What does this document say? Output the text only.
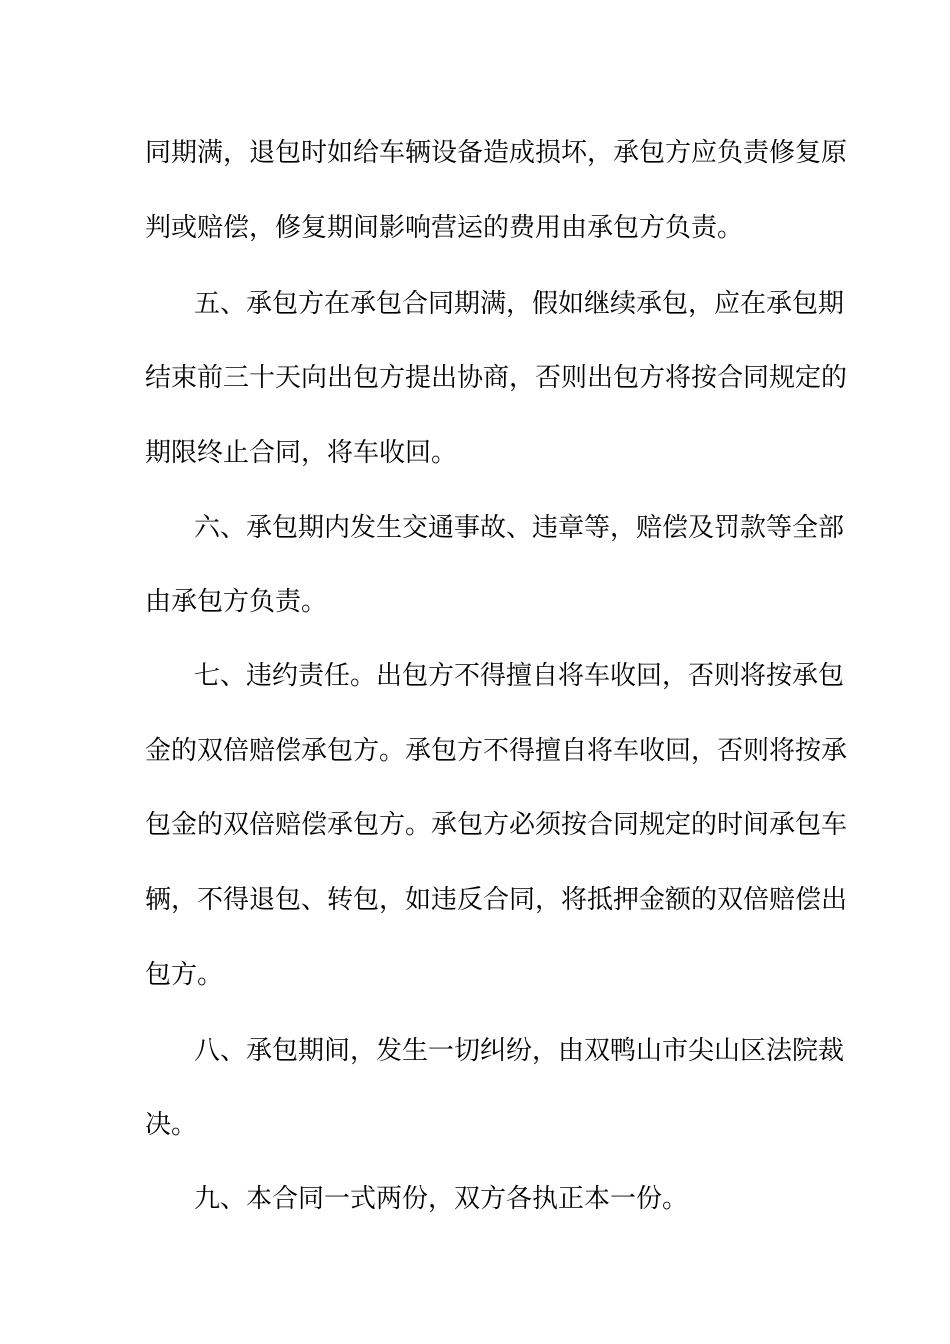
同期满，退包时如给车辆设备造成损坏，承包方应负责修复原
判或赔偿，修复期间影响营运的费用由承包方负责。
五、承包方在承包合同期满，假如继续承包，应在承包期
结束前三十天向出包方提出协商，否则出包方将按合同规定的
期限终止合同，将车收回。
六、承包期内发生交通事故、违章等，赔偿及罚款等全部
由承包方负责。
七、违约责任。出包方不得擅自将车收回，否则将按承包
金的双倍赔偿承包方。承包方不得擅自将车收回，否则将按承
包金的双倍赔偿承包方。承包方必须按合同规定的时间承包车
辆，不得退包、转包，如违反合同，将抵押金额的双倍赔偿出
包方。
八、承包期间，发生一切纠纷，由双鸭山市尖山区法院裁
决。
九、本合同一式两份，双方各执正本一份。
